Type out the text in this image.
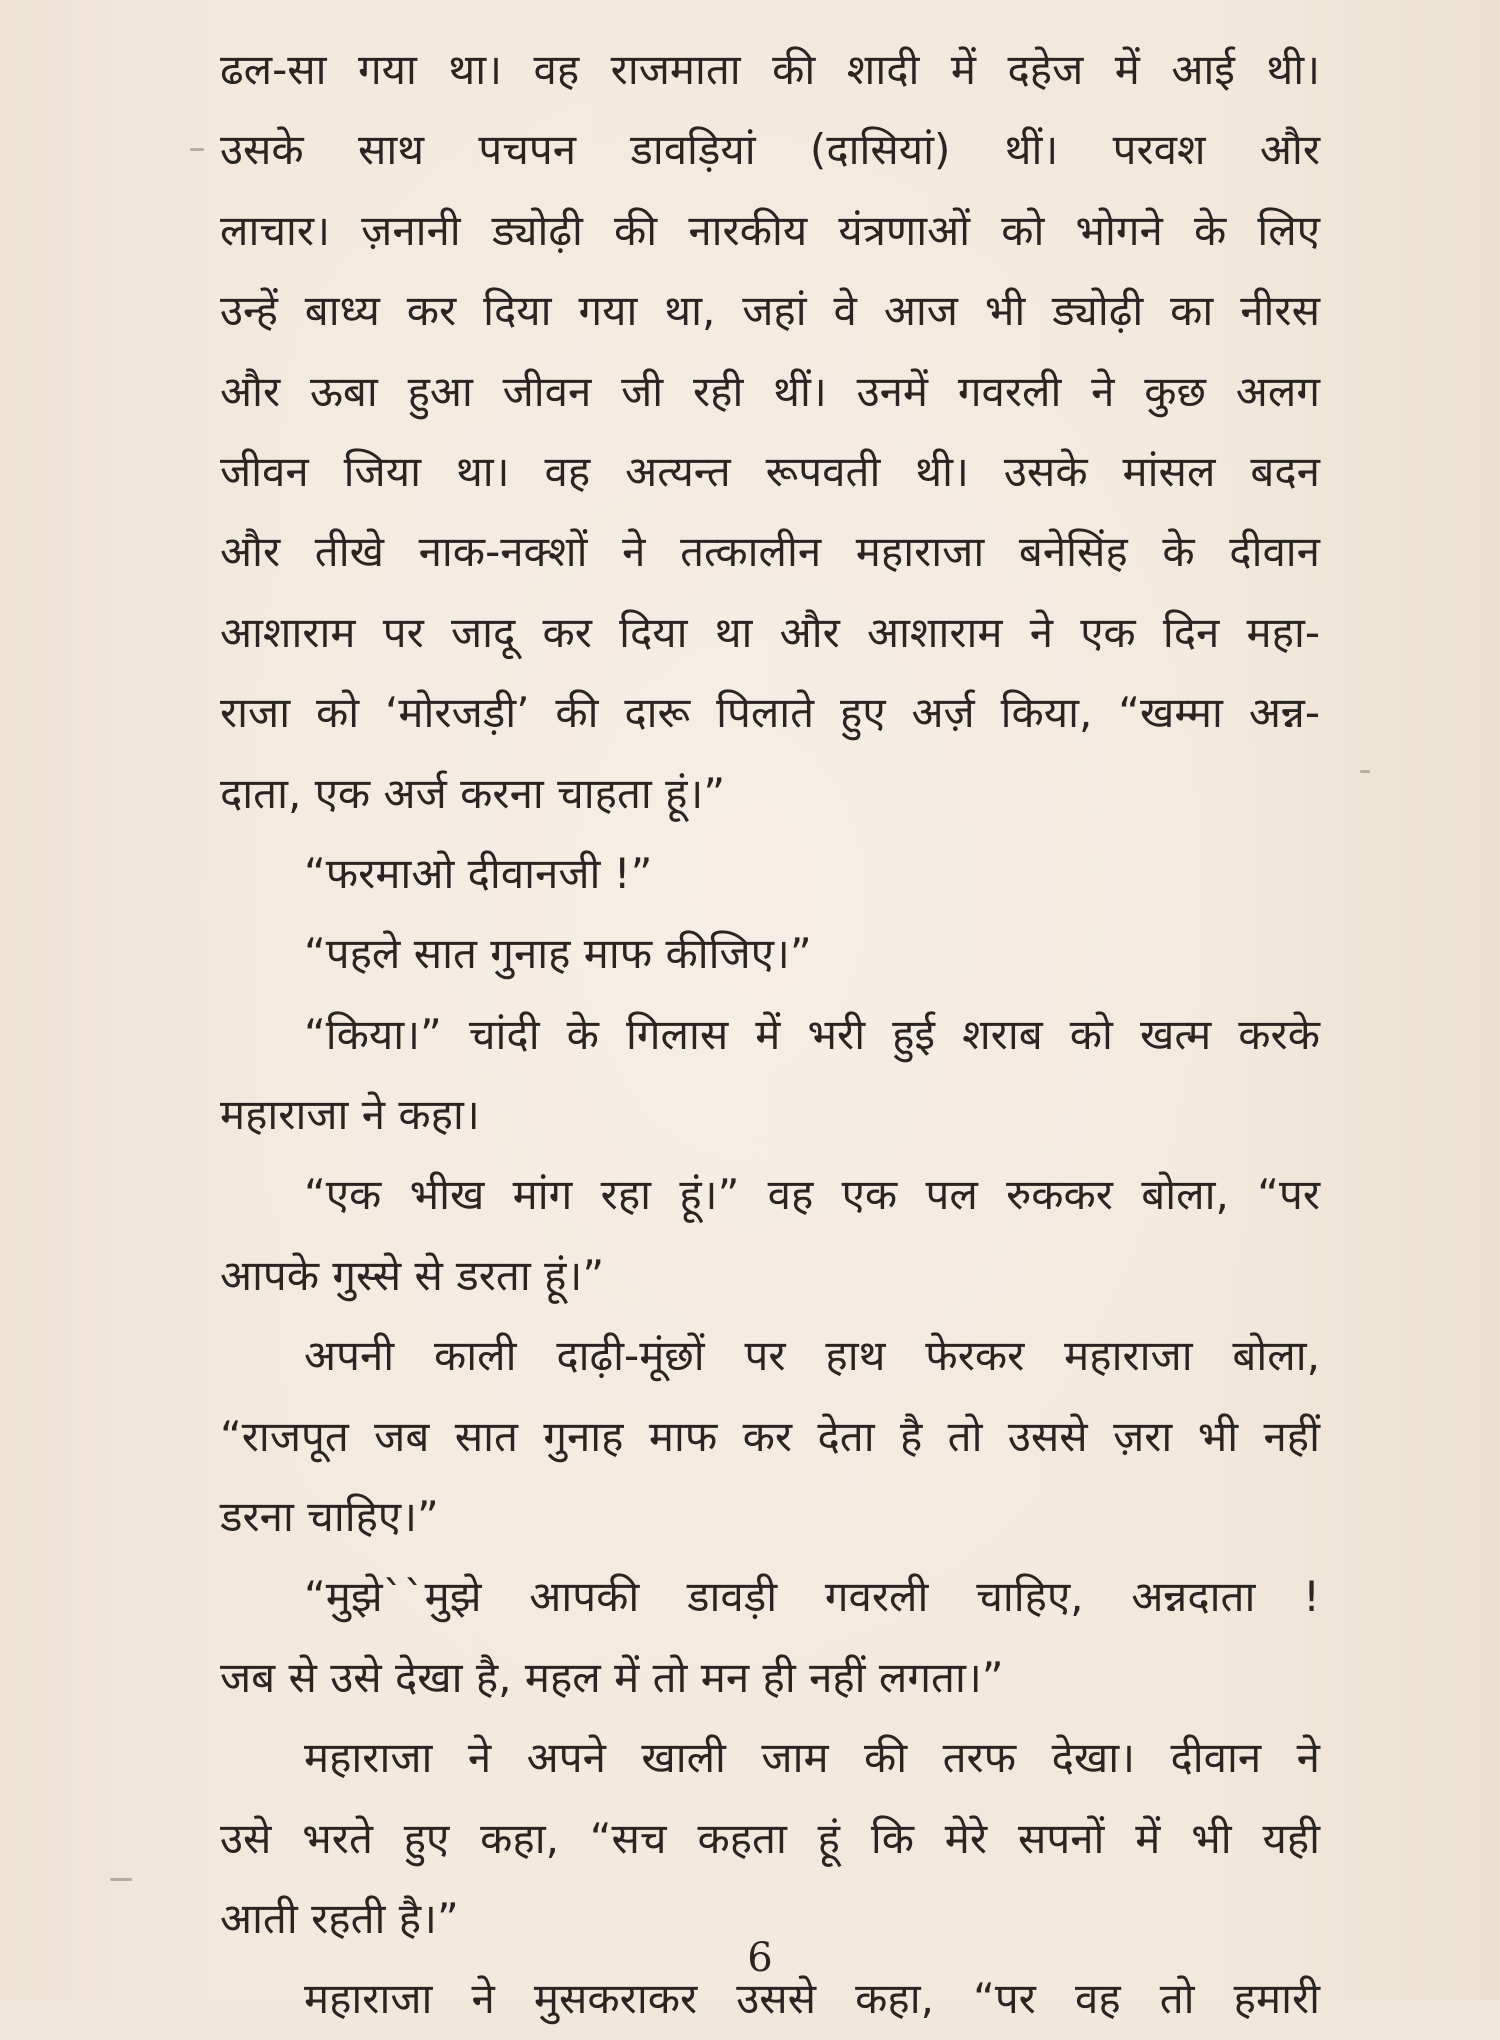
ढल-सा गया था। वह राजमाता की शादी में दहेज में आई थी।
उसके साथ पचपन डावड़ियां (दासियां) थीं। परवश और
लाचार। ज़नानी ड्योढ़ी की नारकीय यंत्रणाओं को भोगने के लिए
उन्हें बाध्य कर दिया गया था, जहां वे आज भी ड्योढ़ी का नीरस
और ऊबा हुआ जीवन जी रही थीं। उनमें गवरली ने कुछ अलग
जीवन जिया था। वह अत्यन्त रूपवती थी। उसके मांसल बदन
और तीखे नाक-नक्शों ने तत्कालीन महाराजा बनेसिंह के दीवान
आशाराम पर जादू कर दिया था और आशाराम ने एक दिन महा-
राजा को ‘मोरजड़ी’ की दारू पिलाते हुए अर्ज़ किया, “खम्मा अन्न-
दाता, एक अर्ज करना चाहता हूं।”
“फरमाओ दीवानजी !”
“पहले सात गुनाह माफ कीजिए।”
“किया।” चांदी के गिलास में भरी हुई शराब को खत्म करके
महाराजा ने कहा।
“एक भीख मांग रहा हूं।” वह एक पल रुककर बोला, “पर
आपके गुस्से से डरता हूं।”
अपनी काली दाढ़ी-मूंछों पर हाथ फेरकर महाराजा बोला,
“राजपूत जब सात गुनाह माफ कर देता है तो उससे ज़रा भी नहीं
डरना चाहिए।”
“मुझे``मुझे आपकी डावड़ी गवरली चाहिए, अन्नदाता !
जब से उसे देखा है, महल में तो मन ही नहीं लगता।”
महाराजा ने अपने खाली जाम की तरफ देखा। दीवान ने
उसे भरते हुए कहा, “सच कहता हूं कि मेरे सपनों में भी यही
आती रहती है।”
महाराजा ने मुसकराकर उससे कहा, “पर वह तो हमारी
6
